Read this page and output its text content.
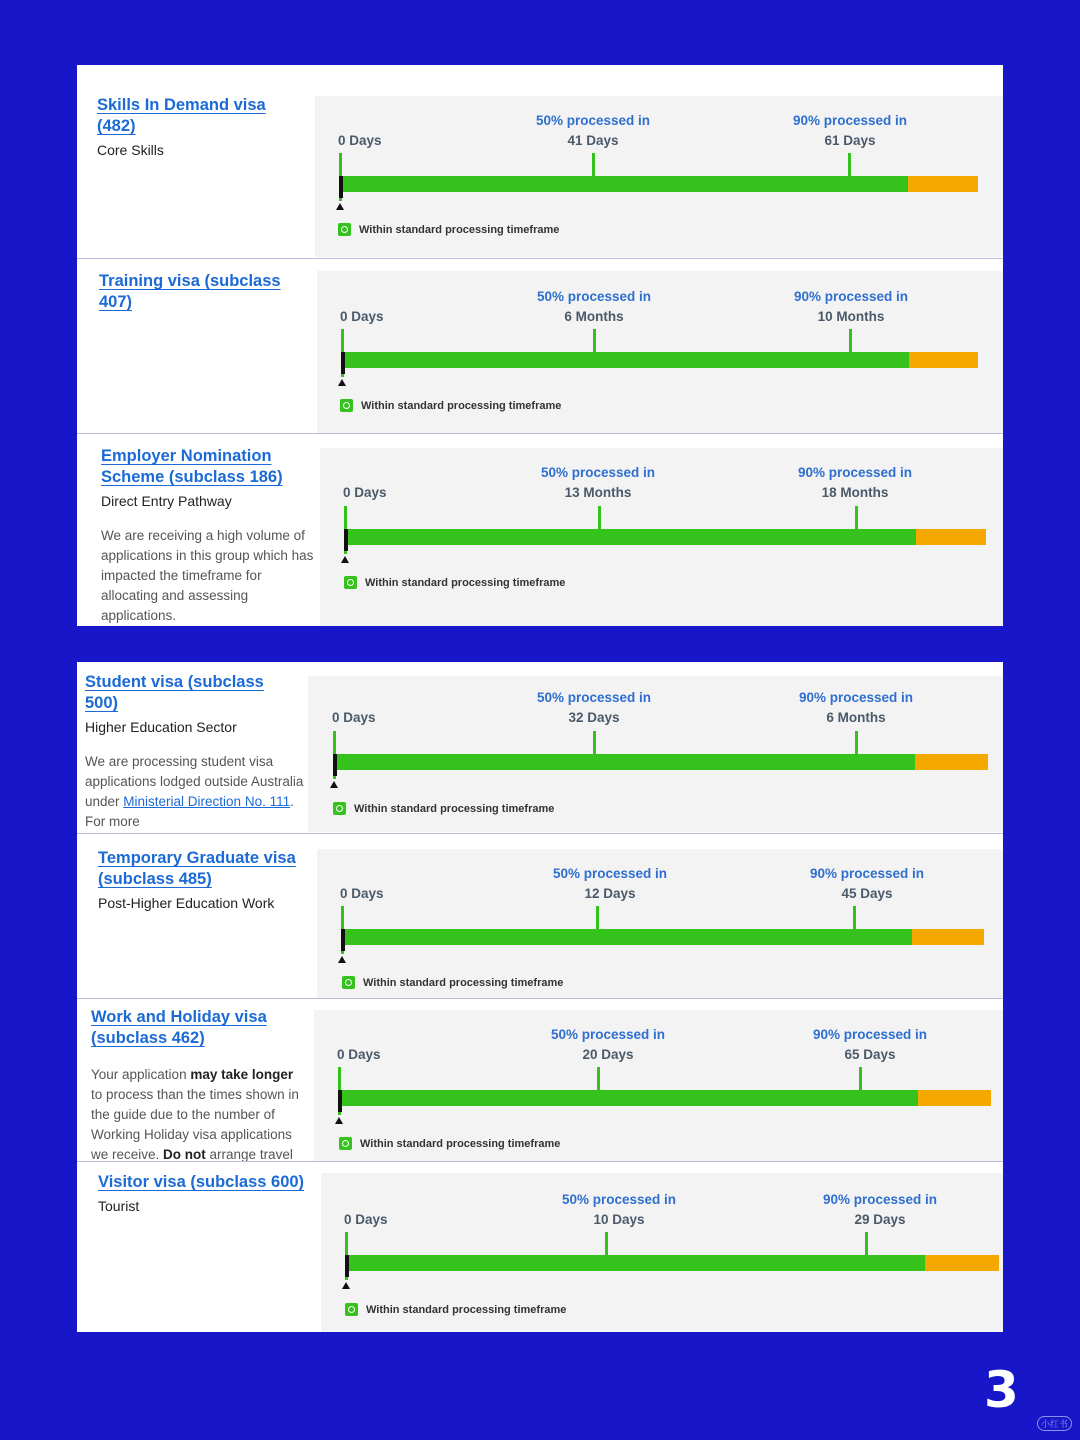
Skills In Demand visa
(482)
Core Skills
0 Days
50% processed in
41 Days
90% processed in
61 Days
Within standard processing timeframe
Training visa (subclass
407)
0 Days
50% processed in
6 Months
90% processed in
10 Months
Within standard processing timeframe
Employer Nomination
Scheme (subclass 186)
Direct Entry Pathway
We are receiving a high volume of applications in this group which has impacted the timeframe for allocating and assessing applications.
0 Days
50% processed in
13 Months
90% processed in
18 Months
Within standard processing timeframe
Student visa (subclass
500)
Higher Education Sector
We are processing student visa applications lodged outside Australia under Ministerial Direction No. 111. For more
0 Days
50% processed in
32 Days
90% processed in
6 Months
Within standard processing timeframe
Temporary Graduate visa
(subclass 485)
Post-Higher Education Work
0 Days
50% processed in
12 Days
90% processed in
45 Days
Within standard processing timeframe
Work and Holiday visa
(subclass 462)
Your application may take longer to process than the times shown in the guide due to the number of Working Holiday visa applications we receive. Do not arrange travel
0 Days
50% processed in
20 Days
90% processed in
65 Days
Within standard processing timeframe
Visitor visa (subclass 600)
Tourist
0 Days
50% processed in
10 Days
90% processed in
29 Days
Within standard processing timeframe
3
小红书
